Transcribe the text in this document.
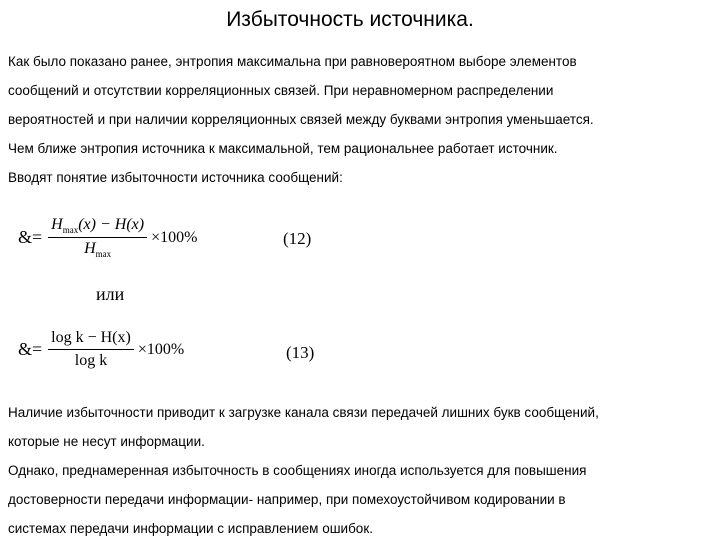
Избыточность источника.
Как было показано ранее, энтропия максимальна при равновероятном выборе элементов
сообщений и отсутствии корреляционных связей. При неравномерном распределении
вероятностей и при наличии корреляционных связей между буквами энтропия уменьшается.
Чем ближе энтропия источника к максимальной, тем рациональнее работает источник.
Вводят понятие избыточности источника сообщений:
&= $\frac{H_{max}(x) - H(x)}{H_{max}} \times 100\%$	(12)
или
&= $\frac{\text{log k − H(x)}}{\text{log k}} \times 100\%$	(13)
Наличие избыточности приводит к загрузке канала связи передачей лишних букв сообщений,
которые не несут информации.
Однако, преднамеренная избыточность в сообщениях иногда используется для повышения
достоверности передачи информации- например, при помехоустойчивом кодировании в
системах передачи информации с исправлением ошибок.
